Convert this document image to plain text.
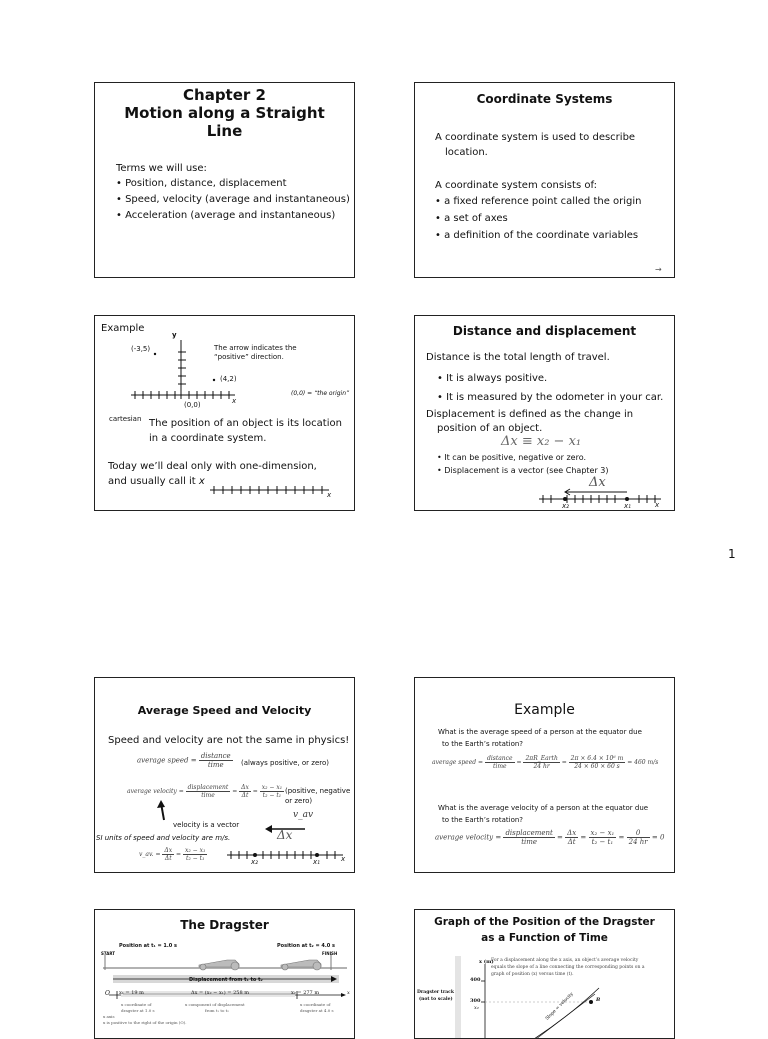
Chapter 2
Motion along a Straight
Line
Terms we will use:
• Position, distance, displacement
• Speed, velocity (average and instantaneous)
• Acceleration (average and instantaneous)
Coordinate Systems
A coordinate system is used to describe
location.
A coordinate system consists of:
• a fixed reference point called the origin
• a set of axes
• a definition of the coordinate variables
→
Example
y
x
(-3,5)
(4,2)
(0,0)
The arrow indicates the
“positive” direction.
(0,0) = “the origin”
cartesian The position of an object is its location
in a coordinate system.
Today we’ll deal only with one-dimension,
and usually call it x
x
Distance and displacement
Distance is the total length of travel.
• It is always positive.
• It is measured by the odometer in your car.
Displacement is defined as the change in
position of an object.
Δx ≡ x₂ − x₁
• It can be positive, negative or zero.
• Displacement is a vector (see Chapter 3)
Δx
x₂	x₁	x
1
Average Speed and Velocity
Speed and velocity are not the same in physics!
average speed = $\frac{\text{distance}}{\text{time}}$ (always positive, or zero)
average velocity = $\frac{\text{displacement}}{\text{time}} = \frac{\Delta x}{\Delta t} = \frac{\text{x₂ − x₁}}{\text{t₂ − t₁}}$ (positive, negative
or zero)
velocity is a vector
SI units of speed and velocity are m/s.
v_av
Δx
v_av. = $\frac{\Delta x}{\Delta t} = \frac{\text{x₂ − x₁}}{\text{t₂ − t₁}}$	x₂	x₁	x
Example
What is the average speed of a person at the equator due
to the Earth’s rotation?
average speed = $\frac{\text{distance}}{\text{time}} = \frac{\text{2πR\_Earth}}{24 hr} = \frac{\text{2π × 6.4 × 10⁶ m}}{24 \times 60 \times 60 s} = 460$ m/s
What is the average velocity of a person at the equator due
to the Earth’s rotation?
average velocity = $\frac{\text{displacement}}{\text{time}} = \frac{\Delta x}{\Delta t} = \frac{\text{x₂ − x₁}}{\text{t₂ − t₁}} = \frac{0}{24 hr} = 0$
The Dragster
Position at t₁ = 1.0 s	Position at t₂ = 4.0 s
START	FINISH
Displacement from t₁ to t₂
O x₁ = 19 m	Δx = (x₂ − x₁) = 258 m	x₂ = 277 m	x
x coordinate of
dragster at 1.0 s
x axis
x component of displacement
from t₁ to t₂
x coordinate of
dragster at 4.0 s
x is positive to the right of the origin (O).
Graph of the Position of the Dragster
as a Function of Time
x (m)
400
300
x₂
For a displacement along the x axis, an object’s average velocity
equals the slope of a line connecting the corresponding points on a
graph of position (x) versus time (t).
Dragster track
(not to scale)	B
Slope = velocity
